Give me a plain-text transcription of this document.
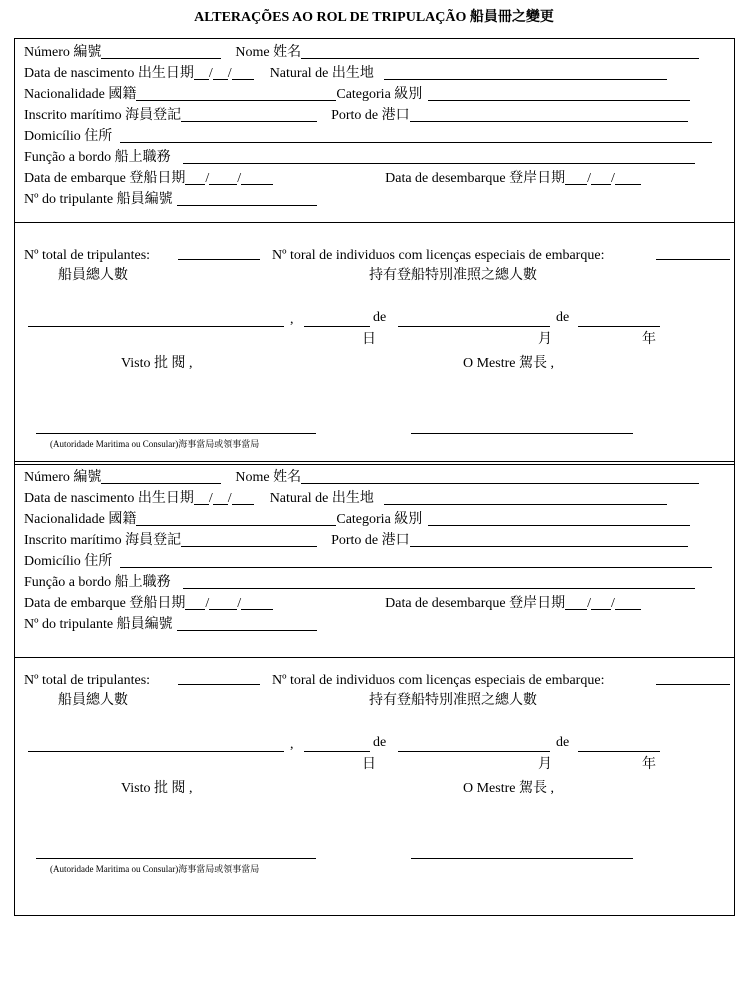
ALTERAÇÕES AO ROL DE TRIPULAÇÃO 船員冊之變更
Número 編號	Nome 姓名
Data de nascimento 出生日期 / /	Natural de 出生地
Nacionalidade 國籍	Categoria 級別
Inscrito marítimo 海員登記	Porto de 港口
Domicílio 住所
Função a bordo 船上職務
Data de embarque 登船日期 / /	Data de desembarque 登岸日期 / /
Nº do tripulante 船員編號
Número 編號	Nome 姓名
Data de nascimento 出生日期 / /	Natural de 出生地
Nacionalidade 國籍	Categoria 級別
Inscrito marítimo 海員登記	Porto de 港口
Domicílio 住所
Função a bordo 船上職務
Data de embarque 登船日期 / /	Data de desembarque 登岸日期 / /
Nº do tripulante 船員編號
Nº total de tripulantes:
船員總人數
Nº toral de individuos com licenças especiais de embarque:
持有登船特別准照之總人數
,	de	de
日	月	年
Visto 批 閱 ,	O Mestre 駕長 ,
(Autoridade Maritima ou Consular)海事當局或領事當局
Nº total de tripulantes:
船員總人數
Nº toral de individuos com licenças especiais de embarque:
持有登船特別准照之總人數
,	de	de
日	月	年
Visto 批 閱 ,	O Mestre 駕長 ,
(Autoridade Maritima ou Consular)海事當局或領事當局
